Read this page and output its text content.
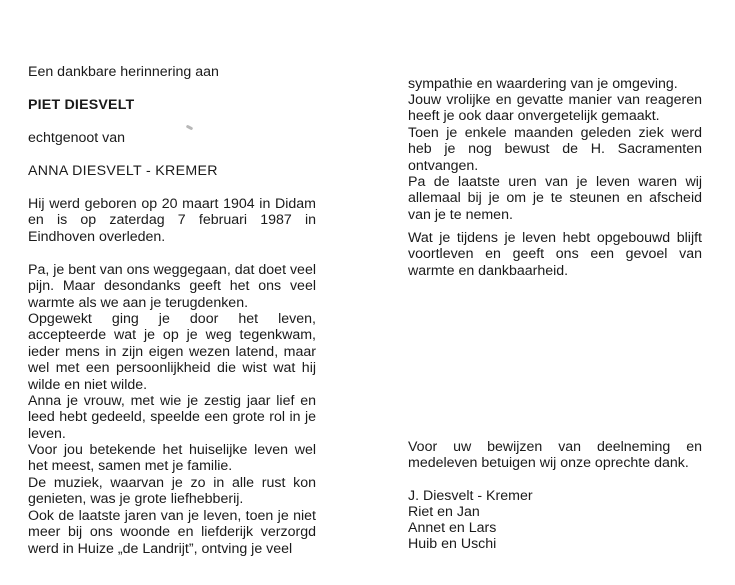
Een dankbare herinnering aan

PIET DIESVELT

echtgenoot van

ANNA DIESVELT - KREMER

Hij werd geboren op 20 maart 1904 in Didam en is op zaterdag 7 februari 1987 in Eindhoven overleden.

Pa, je bent van ons weggegaan, dat doet veel pijn. Maar desondanks geeft het ons veel warmte als we aan je terugdenken.

Opgewekt ging je door het leven, accepteerde wat je op je weg tegenkwam, ieder mens in zijn eigen wezen latend, maar wel met een persoonlijkheid die wist wat hij wilde en niet wilde.

Anna je vrouw, met wie je zestig jaar lief en leed hebt gedeeld, speelde een grote rol in je leven.

Voor jou betekende het huiselijke leven wel het meest, samen met je familie.

De muziek, waarvan je zo in alle rust kon genieten, was je grote liefhebberij.

Ook de laatste jaren van je leven, toen je niet meer bij ons woonde en liefderijk verzorgd werd in Huize „de Landrijt”, ontving je veel

sympathie en waardering van je omgeving.

Jouw vrolijke en gevatte manier van reageren heeft je ook daar onvergetelijk gemaakt.

Toen je enkele maanden geleden ziek werd heb je nog bewust de H. Sacramenten ontvangen.

Pa de laatste uren van je leven waren wij allemaal bij je om je te steunen en afscheid van je te nemen.

Wat je tijdens je leven hebt opgebouwd blijft voortleven en geeft ons een gevoel van warmte en dankbaarheid.

Voor uw bewijzen van deelneming en medeleven betuigen wij onze oprechte dank.

J. Diesvelt - Kremer

Riet en Jan

Annet en Lars

Huib en Uschi
